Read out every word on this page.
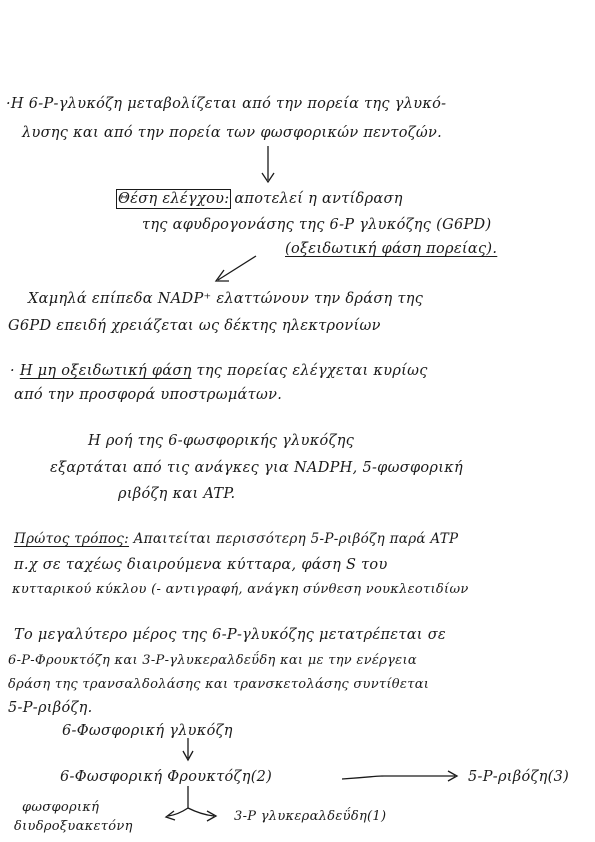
·Η 6-Ρ-γλυκόζη μεταβολίζεται από την πορεία της γλυκό-
λυσης και από την πορεία των φωσφορικών πεντοζών.
Θέση ελέγχου: αποτελεί η αντίδραση
της αφυδρογονάσης της 6-Ρ γλυκόζης (G6PD)
(οξειδωτική φάση πορείας).
Χαμηλά επίπεδα NADP⁺ ελαττώνουν την δράση της
G6PD επειδή χρειάζεται ως δέκτης ηλεκτρονίων
· Η μη οξειδωτική φάση της πορείας ελέγχεται κυρίως
από την προσφορά υποστρωμάτων.
Η ροή της 6-φωσφορικής γλυκόζης
εξαρτάται από τις ανάγκες για NADPH, 5-φωσφορική
ριβόζη και ATP.
Πρώτος τρόπος: Απαιτείται περισσότερη 5-Ρ-ριβόζη παρά ATP
π.χ σε ταχέως διαιρούμενα κύτταρα, φάση S του
κυτταρικού κύκλου (- αντιγραφή, ανάγκη σύνθεση νουκλεοτιδίων
Το μεγαλύτερο μέρος της 6-Ρ-γλυκόζης μετατρέπεται σε
6-Ρ-Φρουκτόζη και 3-Ρ-γλυκεραλδεΰδη και με την ενέργεια
δράση της τρανσαλδολάσης και τρανσκετολάσης συντίθεται
5-Ρ-ριβόζη.
6-Φωσφορική γλυκόζη
6-Φωσφορική Φρουκτόζη(2)	5-Ρ-ριβόζη(3)
φωσφορική
διυδροξυακετόνη
3-Ρ γλυκεραλδεΰδη(1)
